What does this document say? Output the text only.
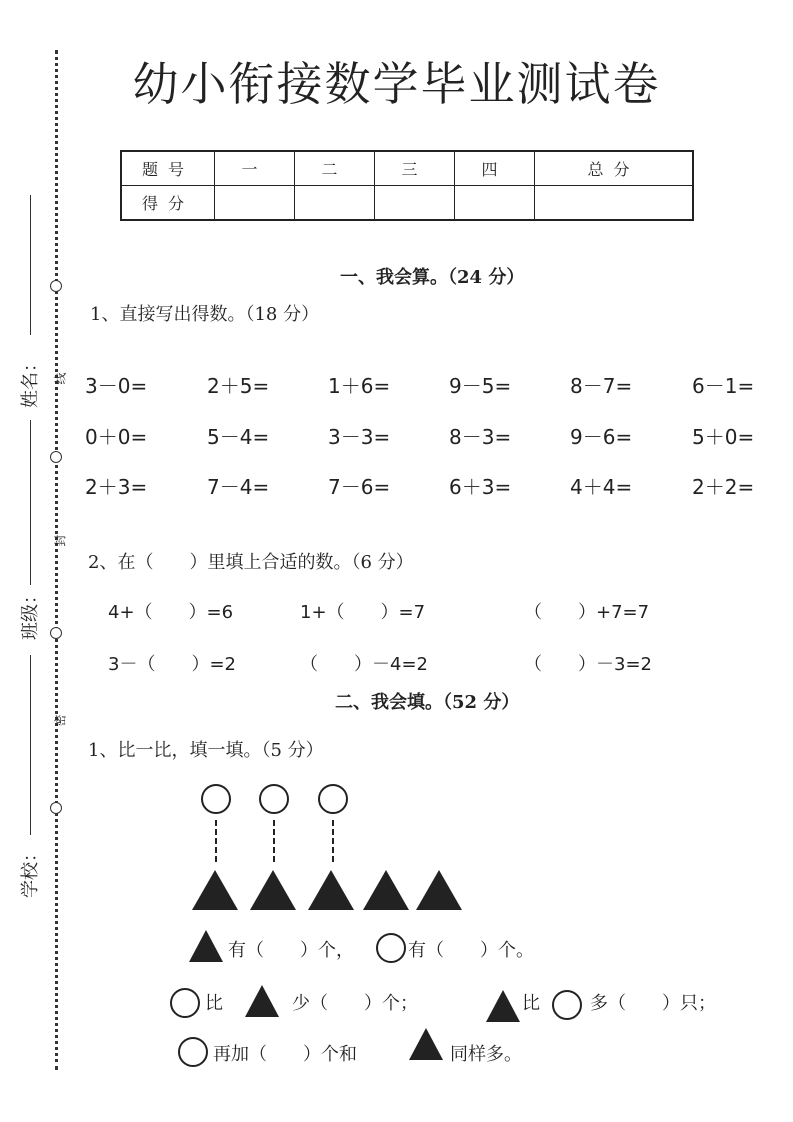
幼小衔接数学毕业测试卷
题号	一	二	三	四	总分
得分					
姓名：
班级：
学校：
线
封
密
一、我会算。（24 分）
1、直接写出得数。（18 分）
3－0=	2＋5=	1＋6=	9－5=	8－7=	6－1=
0＋0=	5－4=	3－3=	8－3=	9－6=	5＋0=
2＋3=	7－4=	7－6=	6＋3=	4＋4=	2＋2=
2、在（　　）里填上合适的数。（6 分）
4+（　　）=6	1+（　　）=7	（　　）+7=7
3－（　　）=2	（　　）－4=2	（　　）－3=2
二、我会填。（52 分）
1、比一比，填一填。（5 分）
有（　　）个，	有（　　）个。
比	少（　　）个；	比	多（　　）只；
再加（　　）个和	同样多。
